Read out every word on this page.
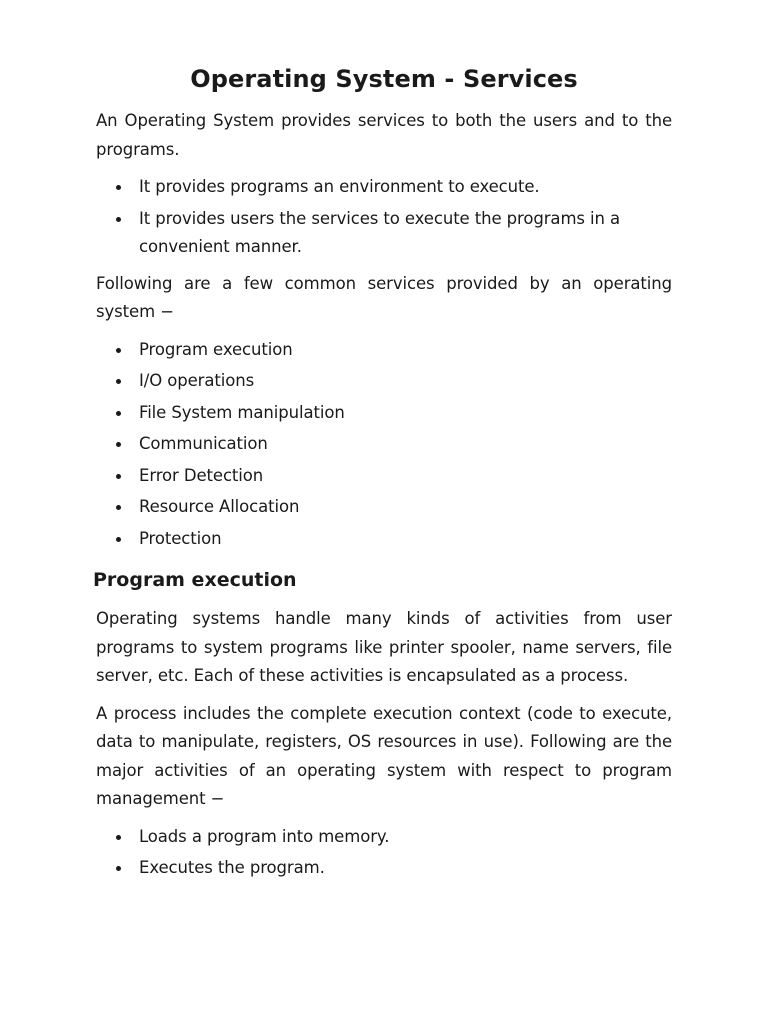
Operating System - Services

An Operating System provides services to both the users and to the programs.

It provides programs an environment to execute.
It provides users the services to execute the programs in a convenient manner.

Following are a few common services provided by an operating system −

Program execution
I/O operations
File System manipulation
Communication
Error Detection
Resource Allocation
Protection
Program execution

Operating systems handle many kinds of activities from user programs to system programs like printer spooler, name servers, file server, etc. Each of these activities is encapsulated as a process.

A process includes the complete execution context (code to execute, data to manipulate, registers, OS resources in use). Following are the major activities of an operating system with respect to program management −

Loads a program into memory.
Executes the program.
